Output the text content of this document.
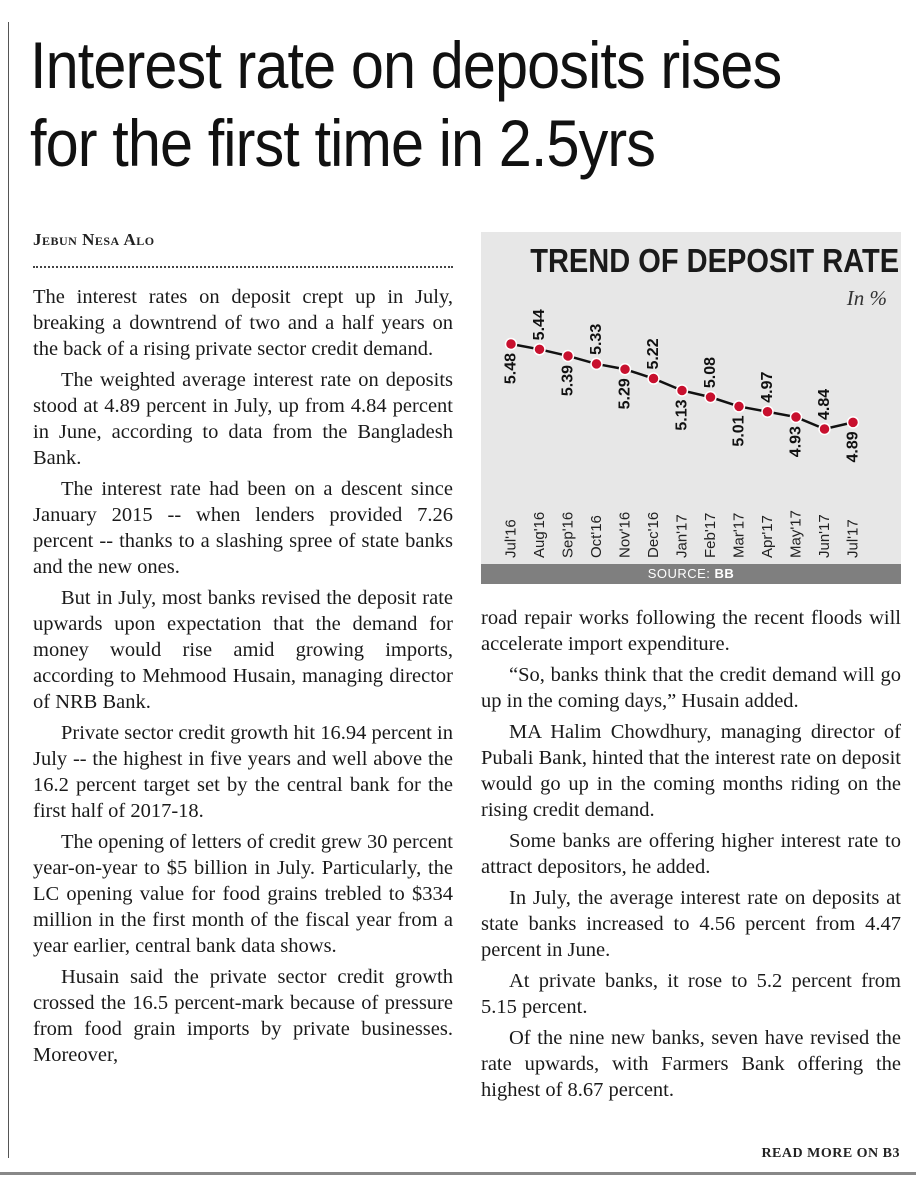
Interest rate on deposits rises
for the first time in 2.5yrs
Jebun Nesa Alo

The interest rates on deposit crept up in July, breaking a downtrend of two and a half years on the back of a rising private sector credit demand.

The weighted average interest rate on deposits stood at 4.89 percent in July, up from 4.84 percent in June, according to data from the Bangladesh Bank.

The interest rate had been on a descent since January 2015 -- when lenders provided 7.26 percent -- thanks to a slashing spree of state banks and the new ones.

But in July, most banks revised the deposit rate upwards upon expectation that the demand for money would rise amid growing imports, according to Mehmood Husain, managing director of NRB Bank.

Private sector credit growth hit 16.94 percent in July -- the highest in five years and well above the 16.2 percent target set by the central bank for the first half of 2017-18.

The opening of letters of credit grew 30 percent year-on-year to $5 billion in July. Particularly, the LC opening value for food grains trebled to $334 million in the first month of the fiscal year from a year earlier, central bank data shows.

Husain said the private sector credit growth crossed the 16.5 percent-mark because of pressure from food grain imports by private businesses. Moreover,

5.48
Jul'16
5.44
Aug'16
5.39
Sep'16
5.33
Oct'16
5.29
Nov'16
5.22
Dec'16
5.13
Jan'17
5.08
Feb'17
5.01
Mar'17
4.97
Apr'17
4.93
May'17
4.84
Jun'17
4.89
Jul'17
TREND OF DEPOSIT RATE
In %
SOURCE: BB

road repair works following the recent floods will accelerate import expenditure.

“So, banks think that the credit demand will go up in the coming days,” Husain added.

MA Halim Chowdhury, managing director of Pubali Bank, hinted that the interest rate on deposit would go up in the coming months riding on the rising credit demand.

Some banks are offering higher interest rate to attract depositors, he added.

In July, the average interest rate on deposits at state banks increased to 4.56 percent from 4.47 percent in June.

At private banks, it rose to 5.2 percent from 5.15 percent.

Of the nine new banks, seven have revised the rate upwards, with Farmers Bank offering the highest of 8.67 percent.

READ MORE ON B3
